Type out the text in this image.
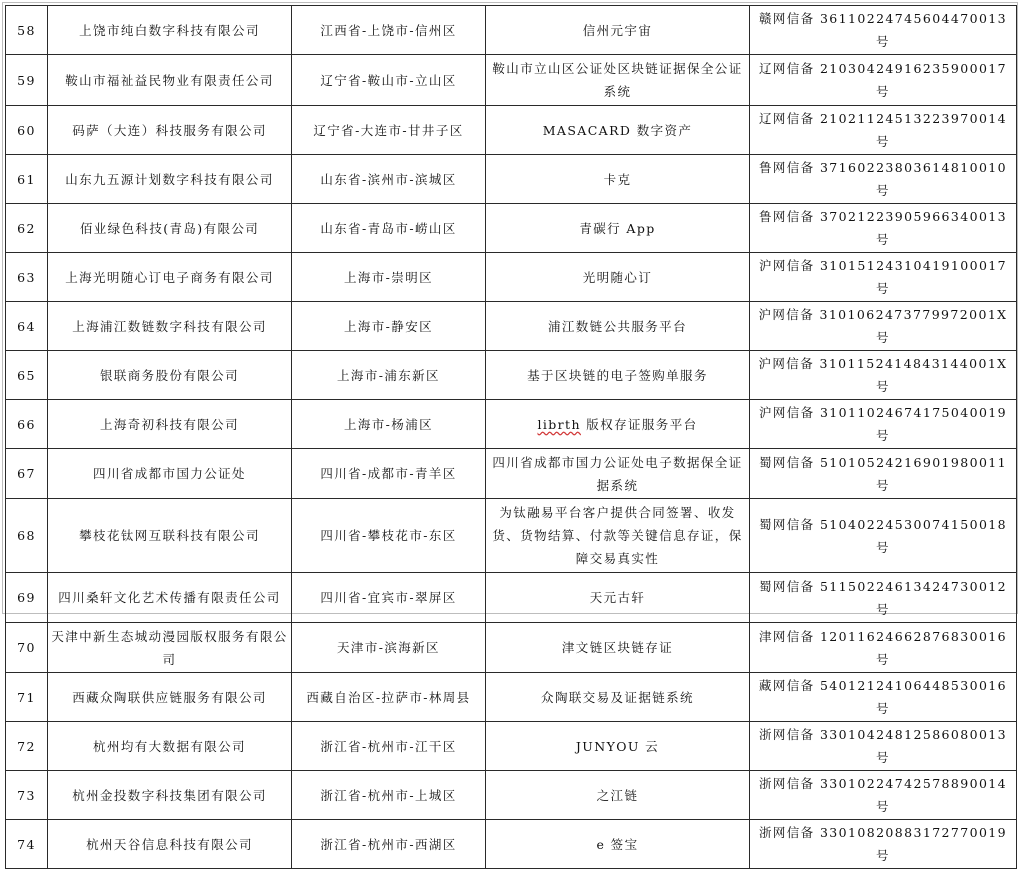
58	上饶市纯白数字科技有限公司	江西省-上饶市-信州区	信州元宇宙	赣网信备 36110224745604470013 号
59	鞍山市福祉益民物业有限责任公司	辽宁省-鞍山市-立山区	鞍山市立山区公证处区块链证据保全公证系统	辽网信备 21030424916235900017 号
60	码萨（大连）科技服务有限公司	辽宁省-大连市-甘井子区	MASACARD 数字资产	辽网信备 21021124513223970014 号
61	山东九五源计划数字科技有限公司	山东省-滨州市-滨城区	卡克	鲁网信备 37160223803614810010 号
62	佰业绿色科技(青岛)有限公司	山东省-青岛市-崂山区	青碳行 App	鲁网信备 37021223905966340013 号
63	上海光明随心订电子商务有限公司	上海市-崇明区	光明随心订	沪网信备 31015124310419100017 号
64	上海浦江数链数字科技有限公司	上海市-静安区	浦江数链公共服务平台	沪网信备 3101062473779972001X 号
65	银联商务股份有限公司	上海市-浦东新区	基于区块链的电子签购单服务	沪网信备 3101152414843144001X 号
66	上海奇初科技有限公司	上海市-杨浦区	librth 版权存证服务平台	沪网信备 31011024674175040019 号
67	四川省成都市国力公证处	四川省-成都市-青羊区	四川省成都市国力公证处电子数据保全证据系统	蜀网信备 51010524216901980011 号
68	攀枝花钛网互联科技有限公司	四川省-攀枝花市-东区	为钛融易平台客户提供合同签署、收发货、货物结算、付款等关键信息存证，保障交易真实性	蜀网信备 51040224530074150018 号
69	四川桑轩文化艺术传播有限责任公司	四川省-宜宾市-翠屏区	天元古轩	蜀网信备 51150224613424730012 号
70	天津中新生态城动漫园版权服务有限公司	天津市-滨海新区	津文链区块链存证	津网信备 12011624662876830016 号
71	西藏众陶联供应链服务有限公司	西藏自治区-拉萨市-林周县	众陶联交易及证据链系统	藏网信备 54012124106448530016 号
72	杭州均有大数据有限公司	浙江省-杭州市-江干区	JUNYOU 云	浙网信备 33010424812586080013 号
73	杭州金投数字科技集团有限公司	浙江省-杭州市-上城区	之江链	浙网信备 33010224742578890014 号
74	杭州天谷信息科技有限公司	浙江省-杭州市-西湖区	e 签宝	浙网信备 33010820883172770019 号
